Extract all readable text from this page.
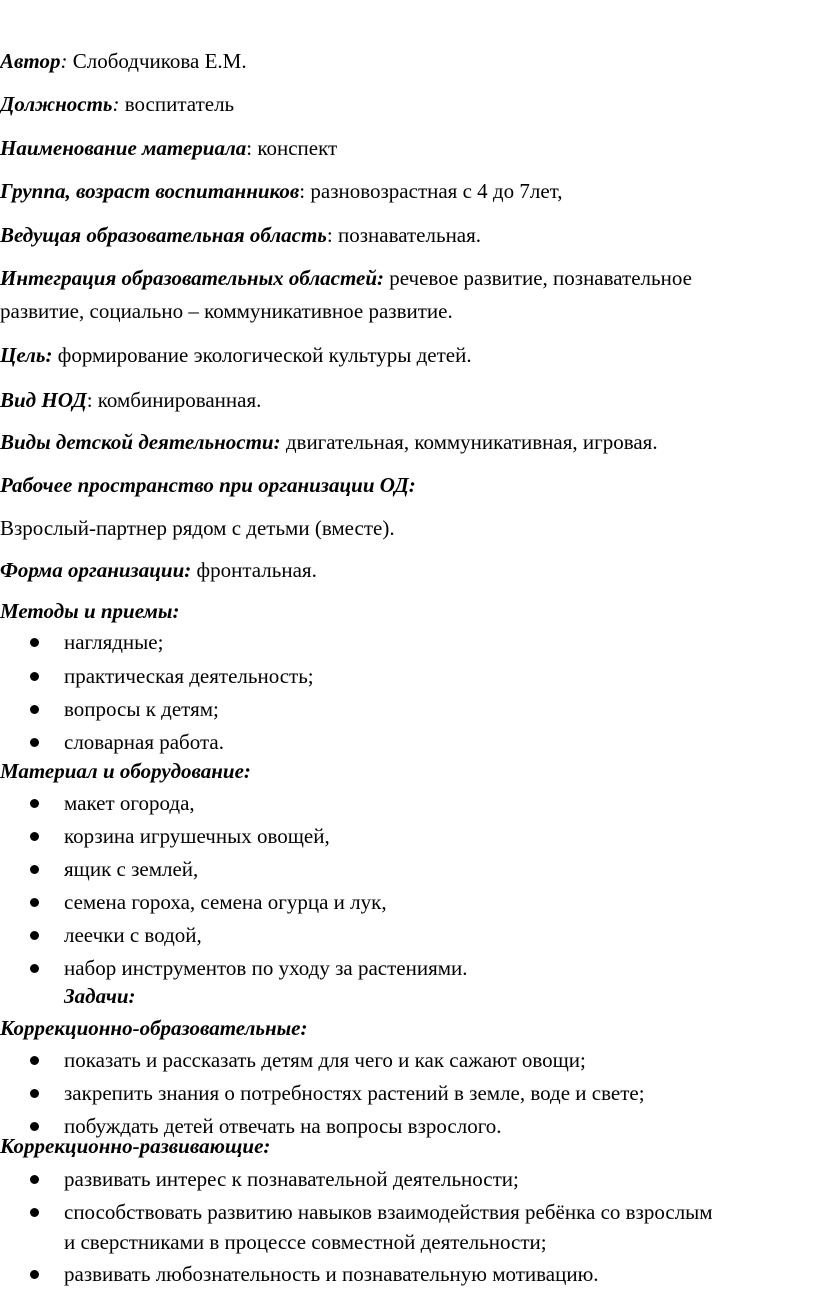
Автор: Слободчикова Е.М.
Должность: воспитатель
Наименование материала: конспект
Группа, возраст воспитанников: разновозрастная с 4 до 7лет,
Ведущая образовательная область: познавательная.
Интеграция образовательных областей: речевое развитие, познавательное
развитие, социально – коммуникативное развитие.
Цель: формирование экологической культуры детей.
Вид НОД: комбинированная.
Виды детской деятельности: двигательная, коммуникативная, игровая.
Рабочее пространство при организации ОД:
Взрослый-партнер рядом с детьми (вместе).
Форма организации: фронтальная.
Методы и приемы:
наглядные;
практическая деятельность;
вопросы к детям;
словарная работа.
Материал и оборудование:
макет огорода,
корзина игрушечных овощей,
ящик с землей,
семена гороха, семена огурца и лук,
леечки с водой,
набор инструментов по уходу за растениями.
Задачи:
Коррекционно-образовательные:
показать и рассказать детям для чего и как сажают овощи;
закрепить знания о потребностях растений в земле, воде и свете;
побуждать детей отвечать на вопросы взрослого.
Коррекционно-развивающие:
развивать интерес к познавательной деятельности;
способствовать развитию навыков взаимодействия ребёнка со взрослым
и сверстниками в процессе совместной деятельности;
развивать любознательность и познавательную мотивацию.
